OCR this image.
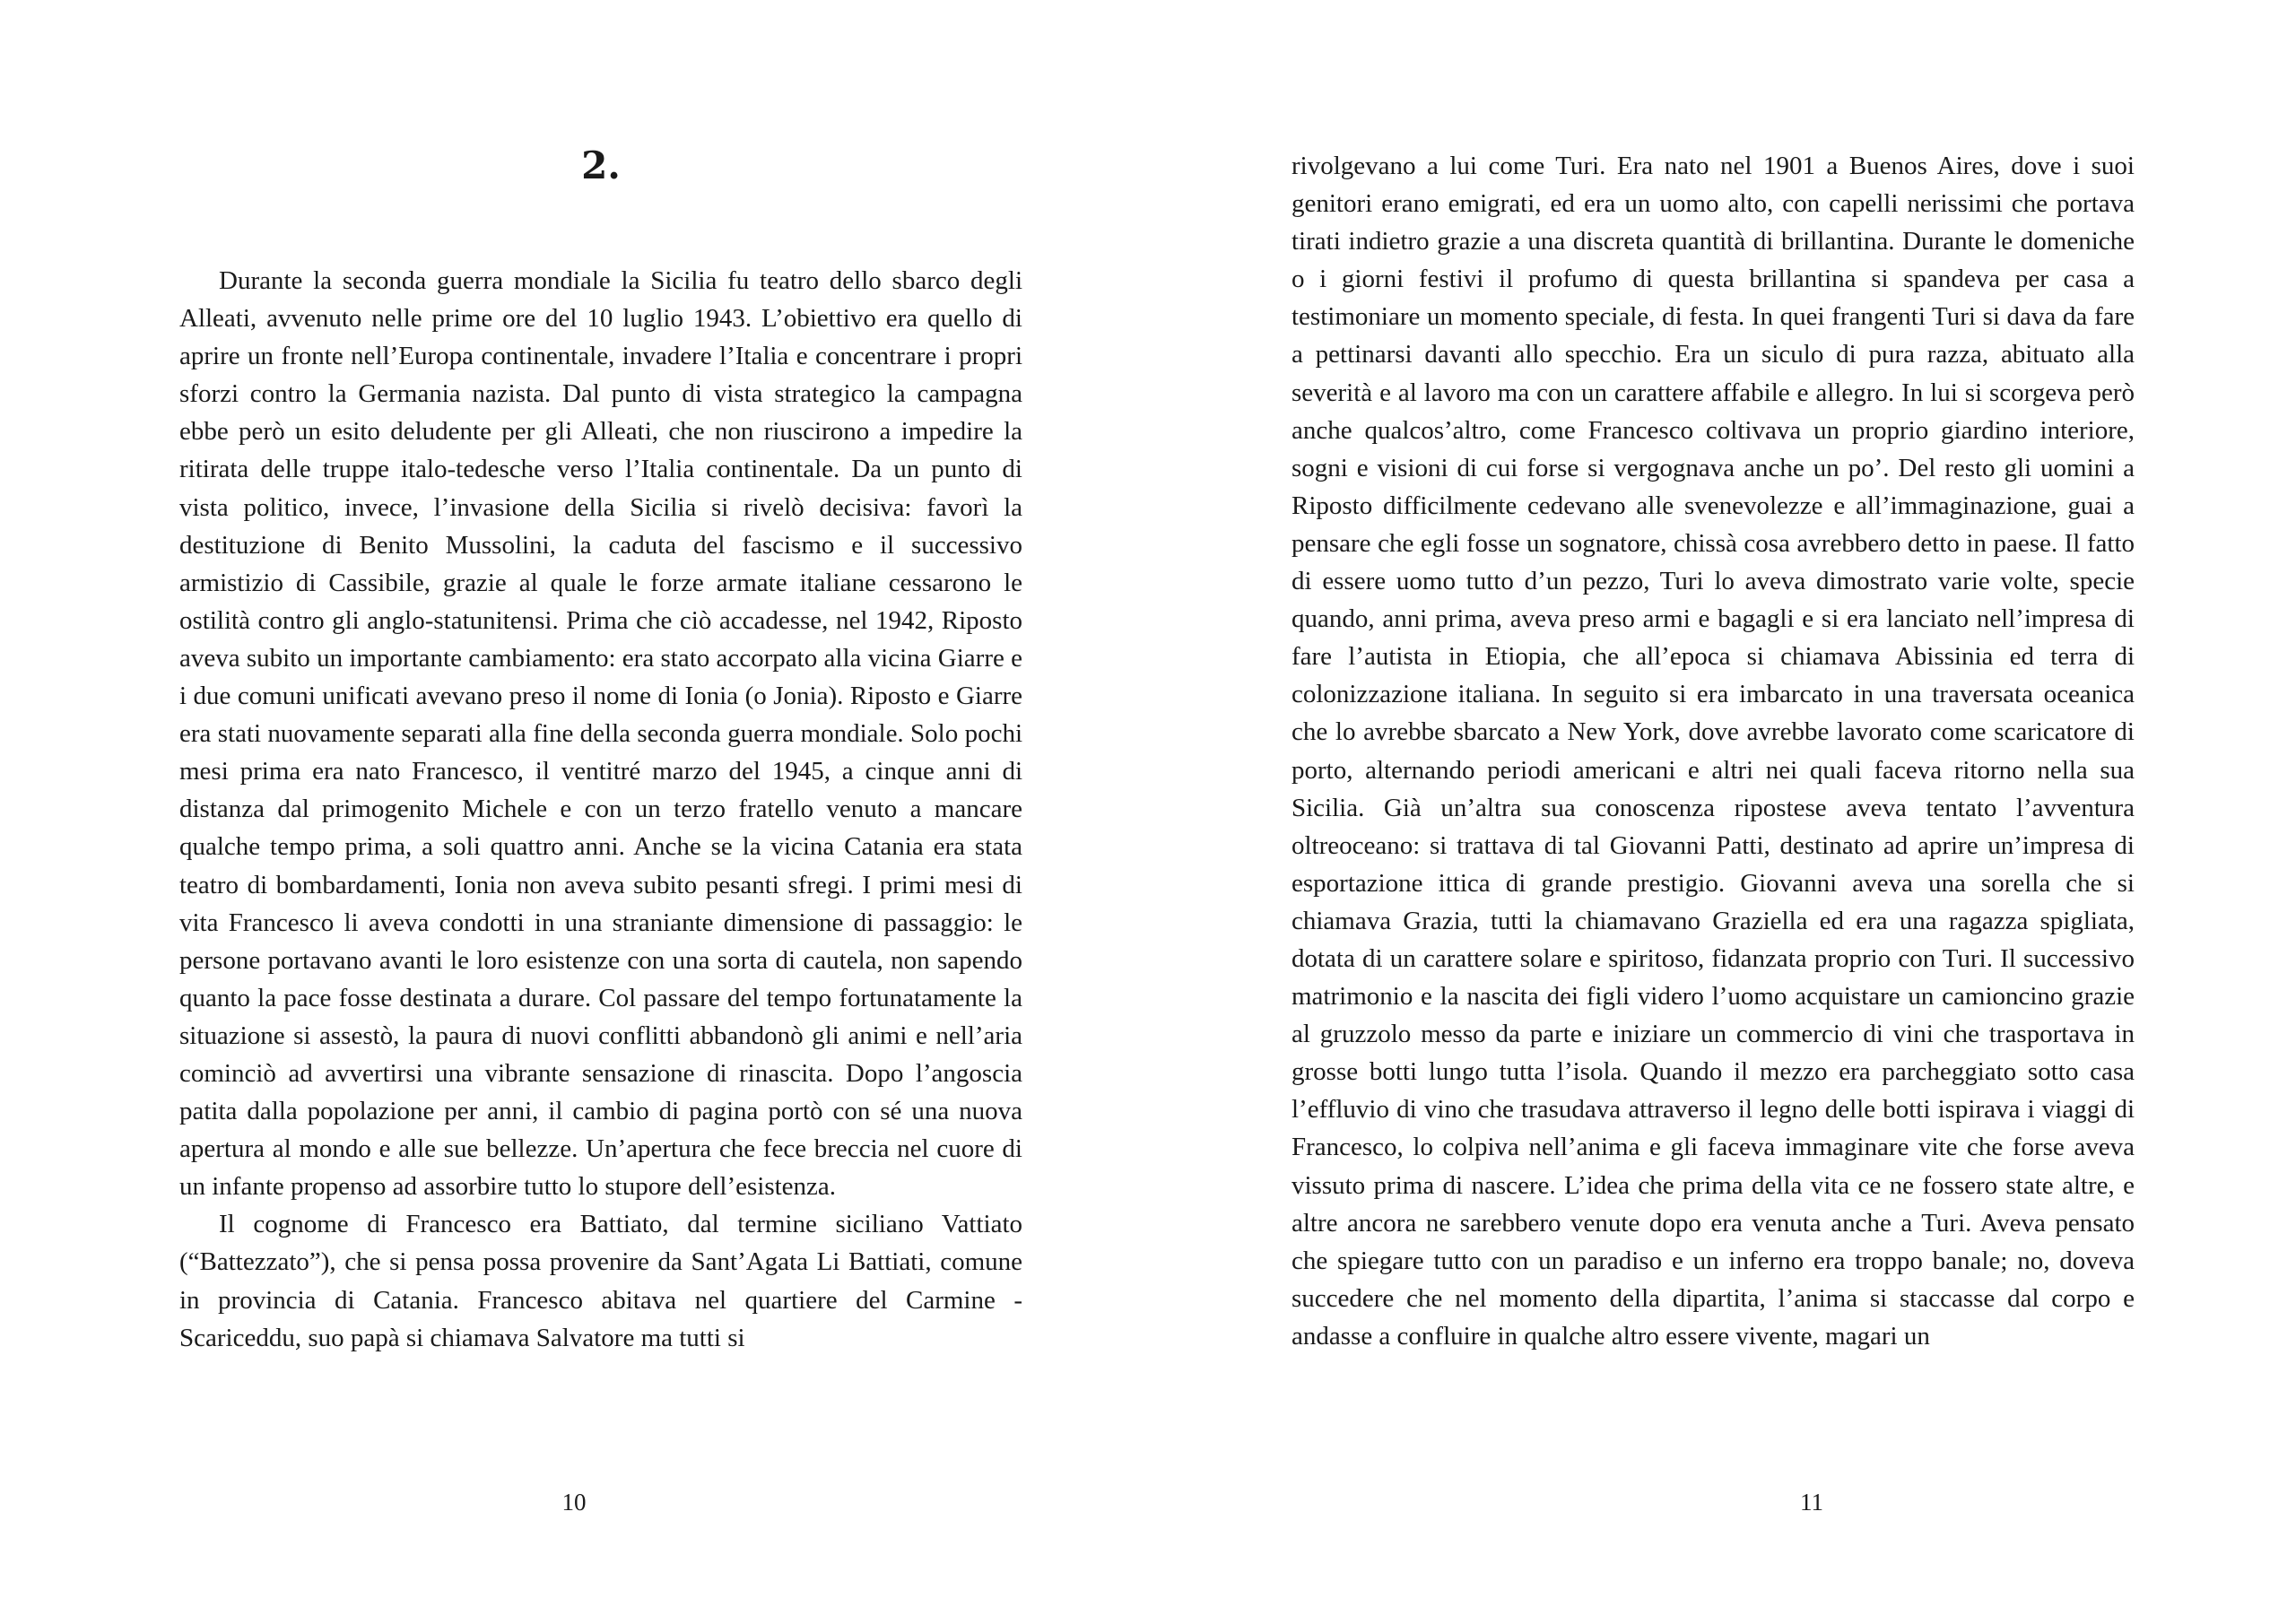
2.

Durante la seconda guerra mondiale la Sicilia fu teatro dello sbarco degli Alleati, avvenuto nelle prime ore del 10 luglio 1943. L’obiettivo era quello di aprire un fronte nell’Europa continentale, invadere l’Italia e concentrare i propri sforzi contro la Germania nazista. Dal punto di vista strategico la campagna ebbe però un esito deludente per gli Alleati, che non riuscirono a impedire la ritirata delle truppe italo-tedesche verso l’Italia continentale. Da un punto di vista politico, invece, l’invasione della Sicilia si rivelò decisiva: favorì la destituzione di Benito Mussolini, la caduta del fascismo e il successivo armistizio di Cassibile, grazie al quale le forze armate italiane cessarono le ostilità contro gli anglo-statunitensi. Prima che ciò accadesse, nel 1942, Riposto aveva subito un importante cambiamento: era stato accorpato alla vicina Giarre e i due comuni unificati avevano preso il nome di Ionia (o Jonia). Riposto e Giarre era stati nuovamente separati alla fine della seconda guerra mondiale. Solo pochi mesi prima era nato Francesco, il ventitré marzo del 1945, a cinque anni di distanza dal primogenito Michele e con un terzo fratello venuto a mancare qualche tempo prima, a soli quattro anni. Anche se la vicina Catania era stata teatro di bombardamenti, Ionia non aveva subito pesanti sfregi. I primi mesi di vita Francesco li aveva condotti in una straniante dimensione di passaggio: le persone portavano avanti le loro esistenze con una sorta di cautela, non sapendo quanto la pace fosse destinata a durare. Col passare del tempo fortunatamente la situazione si assestò, la paura di nuovi conflitti abbandonò gli animi e nell’aria cominciò ad avvertirsi una vibrante sensazione di rinascita. Dopo l’angoscia patita dalla popolazione per anni, il cambio di pagina portò con sé una nuova apertura al mondo e alle sue bellezze. Un’apertura che fece breccia nel cuore di un infante propenso ad assorbire tutto lo stupore dell’esistenza.

Il cognome di Francesco era Battiato, dal termine siciliano Vattiato (“Battezzato”), che si pensa possa provenire da Sant’Agata Li Battiati, comune in provincia di Catania. Francesco abitava nel quartiere del Carmine - Scariceddu, suo papà si chiamava Salvatore ma tutti si

10

rivolgevano a lui come Turi. Era nato nel 1901 a Buenos Aires, dove i suoi genitori erano emigrati, ed era un uomo alto, con capelli nerissimi che portava tirati indietro grazie a una discreta quantità di brillantina. Durante le domeniche o i giorni festivi il profumo di questa brillantina si spandeva per casa a testimoniare un momento speciale, di festa. In quei frangenti Turi si dava da fare a pettinarsi davanti allo specchio. Era un siculo di pura razza, abituato alla severità e al lavoro ma con un carattere affabile e allegro. In lui si scorgeva però anche qualcos’altro, come Francesco coltivava un proprio giardino interiore, sogni e visioni di cui forse si vergognava anche un po’. Del resto gli uomini a Riposto difficilmente cedevano alle svenevolezze e all’immaginazione, guai a pensare che egli fosse un sognatore, chissà cosa avrebbero detto in paese. Il fatto di essere uomo tutto d’un pezzo, Turi lo aveva dimostrato varie volte, specie quando, anni prima, aveva preso armi e bagagli e si era lanciato nell’impresa di fare l’autista in Etiopia, che all’epoca si chiamava Abissinia ed terra di colonizzazione italiana. In seguito si era imbarcato in una traversata oceanica che lo avrebbe sbarcato a New York, dove avrebbe lavorato come scaricatore di porto, alternando periodi americani e altri nei quali faceva ritorno nella sua Sicilia. Già un’altra sua conoscenza ripostese aveva tentato l’avventura oltreoceano: si trattava di tal Giovanni Patti, destinato ad aprire un’impresa di esportazione ittica di grande prestigio. Giovanni aveva una sorella che si chiamava Grazia, tutti la chiamavano Graziella ed era una ragazza spigliata, dotata di un carattere solare e spiritoso, fidanzata proprio con Turi. Il successivo matrimonio e la nascita dei figli videro l’uomo acquistare un camioncino grazie al gruzzolo messo da parte e iniziare un commercio di vini che trasportava in grosse botti lungo tutta l’isola. Quando il mezzo era parcheggiato sotto casa l’effluvio di vino che trasudava attraverso il legno delle botti ispirava i viaggi di Francesco, lo colpiva nell’anima e gli faceva immaginare vite che forse aveva vissuto prima di nascere. L’idea che prima della vita ce ne fossero state altre, e altre ancora ne sarebbero venute dopo era venuta anche a Turi. Aveva pensato che spiegare tutto con un paradiso e un inferno era troppo banale; no, doveva succedere che nel momento della dipartita, l’anima si staccasse dal corpo e andasse a confluire in qualche altro essere vivente, magari un

11
